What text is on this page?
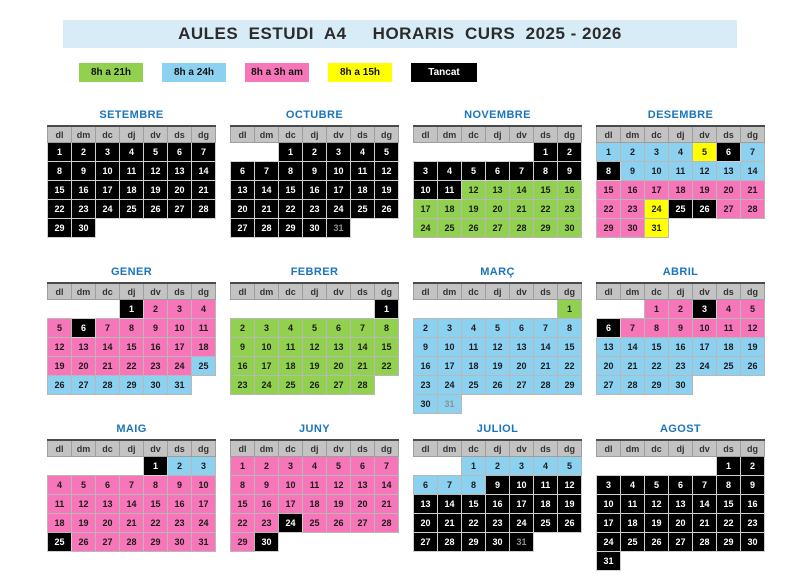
AULES  ESTUDI  A4     HORARIS  CURS  2025 - 2026
8h a 21h	8h a 24h	8h a 3h am	8h a 15h	Tancat
SETEMBRE
dl	dm	dc	dj	dv	ds	dg
1	2	3	4	5	6	7
8	9	10	11	12	13	14
15	16	17	18	19	20	21
22	23	24	25	26	27	28
29	30					
OCTUBRE
dl	dm	dc	dj	dv	ds	dg
		1	2	3	4	5
6	7	8	9	10	11	12
13	14	15	16	17	18	19
20	21	22	23	24	25	26
27	28	29	30	31		
NOVEMBRE
dl	dm	dc	dj	dv	ds	dg
					1	2
3	4	5	6	7	8	9
10	11	12	13	14	15	16
17	18	19	20	21	22	23
24	25	26	27	28	29	30
DESEMBRE
dl	dm	dc	dj	dv	ds	dg
1	2	3	4	5	6	7
8	9	10	11	12	13	14
15	16	17	18	19	20	21
22	23	24	25	26	27	28
29	30	31				
GENER
dl	dm	dc	dj	dv	ds	dg
			1	2	3	4
5	6	7	8	9	10	11
12	13	14	15	16	17	18
19	20	21	22	23	24	25
26	27	28	29	30	31	
FEBRER
dl	dm	dc	dj	dv	ds	dg
						1
2	3	4	5	6	7	8
9	10	11	12	13	14	15
16	17	18	19	20	21	22
23	24	25	26	27	28	
MARÇ
dl	dm	dc	dj	dv	ds	dg
						1
2	3	4	5	6	7	8
9	10	11	12	13	14	15
16	17	18	19	20	21	22
23	24	25	26	27	28	29
30	31					
ABRIL
dl	dm	dc	dj	dv	ds	dg
		1	2	3	4	5
6	7	8	9	10	11	12
13	14	15	16	17	18	19
20	21	22	23	24	25	26
27	28	29	30			
MAIG
dl	dm	dc	dj	dv	ds	dg
				1	2	3
4	5	6	7	8	9	10
11	12	13	14	15	16	17
18	19	20	21	22	23	24
25	26	27	28	29	30	31
JUNY
dl	dm	dc	dj	dv	ds	dg
1	2	3	4	5	6	7
8	9	10	11	12	13	14
15	16	17	18	19	20	21
22	23	24	25	26	27	28
29	30					
JULIOL
dl	dm	dc	dj	dv	ds	dg
		1	2	3	4	5
6	7	8	9	10	11	12
13	14	15	16	17	18	19
20	21	22	23	24	25	26
27	28	29	30	31		
AGOST
dl	dm	dc	dj	dv	ds	dg
					1	2
3	4	5	6	7	8	9
10	11	12	13	14	15	16
17	18	19	20	21	22	23
24	25	26	27	28	29	30
31						
